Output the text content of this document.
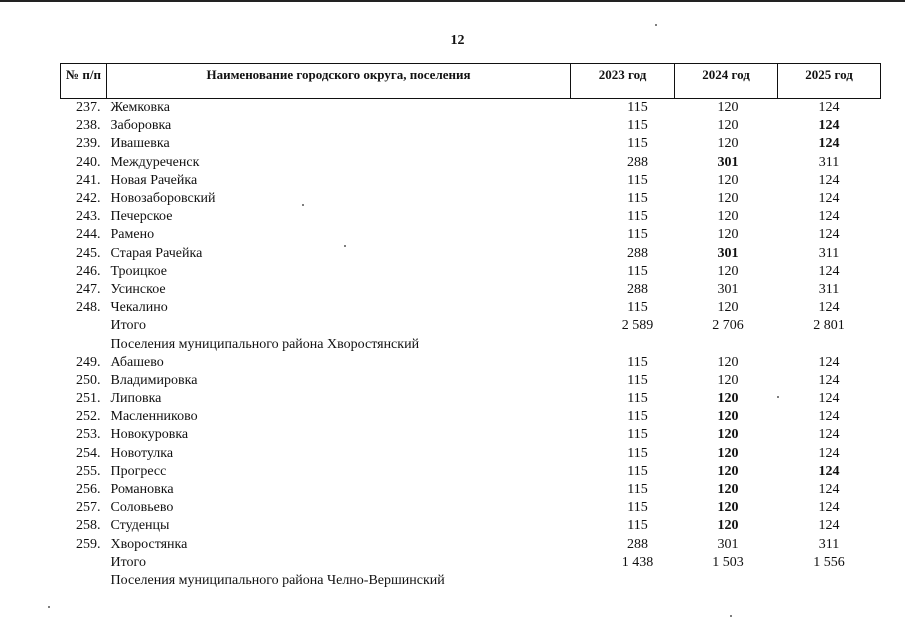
12
№ п/п	Наименование городского округа, поселения	2023 год	2024 год	2025 год
237.	Жемковка	115	120	124
238.	Заборовка	115	120	124
239.	Ивашевка	115	120	124
240.	Междуреченск	288	301	311
241.	Новая Рачейка	115	120	124
242.	Новозаборовский	115	120	124
243.	Печерское	115	120	124
244.	Рамено	115	120	124
245.	Старая Рачейка	288	301	311
246.	Троицкое	115	120	124
247.	Усинское	288	301	311
248.	Чекалино	115	120	124
	Итого	2 589	2 706	2 801
	Поселения муниципального района Хворостянский			
249.	Абашево	115	120	124
250.	Владимировка	115	120	124
251.	Липовка	115	120	124
252.	Масленниково	115	120	124
253.	Новокуровка	115	120	124
254.	Новотулка	115	120	124
255.	Прогресс	115	120	124
256.	Романовка	115	120	124
257.	Соловьево	115	120	124
258.	Студенцы	115	120	124
259.	Хворостянка	288	301	311
	Итого	1 438	1 503	1 556
	Поселения муниципального района Челно-Вершинский			
